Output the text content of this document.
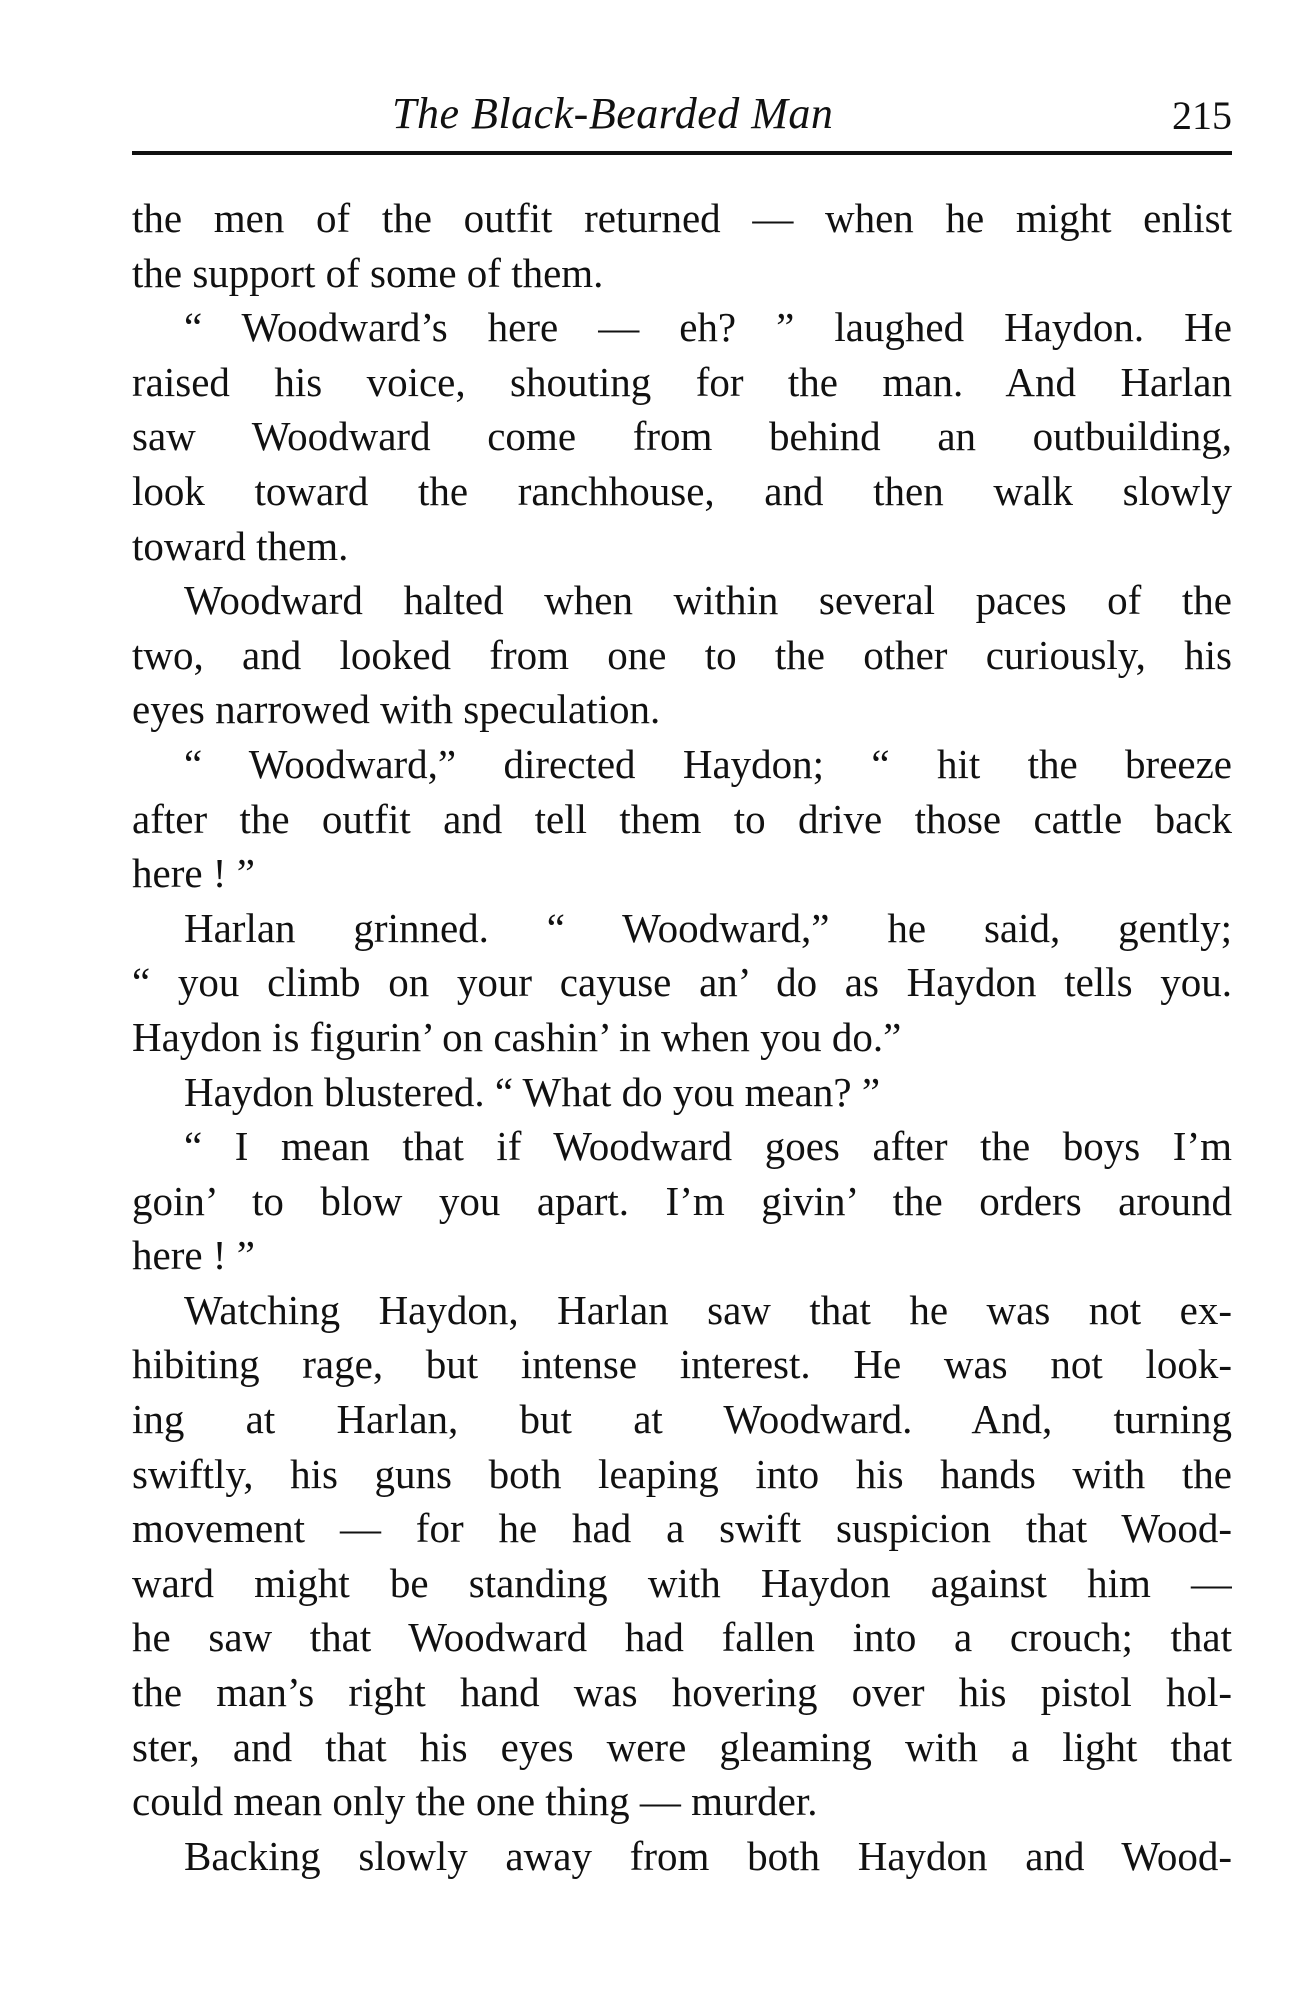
The Black-Bearded Man	215
the men of the outfit returned — when he might enlist
the support of some of them.
“ Woodward’s here — eh? ” laughed Haydon. He
raised his voice, shouting for the man. And Harlan
saw Woodward come from behind an outbuilding,
look toward the ranchhouse, and then walk slowly
toward them.
Woodward halted when within several paces of the
two, and looked from one to the other curiously, his
eyes narrowed with speculation.
“ Woodward,” directed Haydon; “ hit the breeze
after the outfit and tell them to drive those cattle back
here ! ”
Harlan grinned. “ Woodward,” he said, gently;
“ you climb on your cayuse an’ do as Haydon tells you.
Haydon is figurin’ on cashin’ in when you do.”
Haydon blustered. “ What do you mean? ”
“ I mean that if Woodward goes after the boys I’m
goin’ to blow you apart. I’m givin’ the orders around
here ! ”
Watching Haydon, Harlan saw that he was not ex-
hibiting rage, but intense interest. He was not look-
ing at Harlan, but at Woodward. And, turning
swiftly, his guns both leaping into his hands with the
movement — for he had a swift suspicion that Wood-
ward might be standing with Haydon against him —
he saw that Woodward had fallen into a crouch; that
the man’s right hand was hovering over his pistol hol-
ster, and that his eyes were gleaming with a light that
could mean only the one thing — murder.
Backing slowly away from both Haydon and Wood-
